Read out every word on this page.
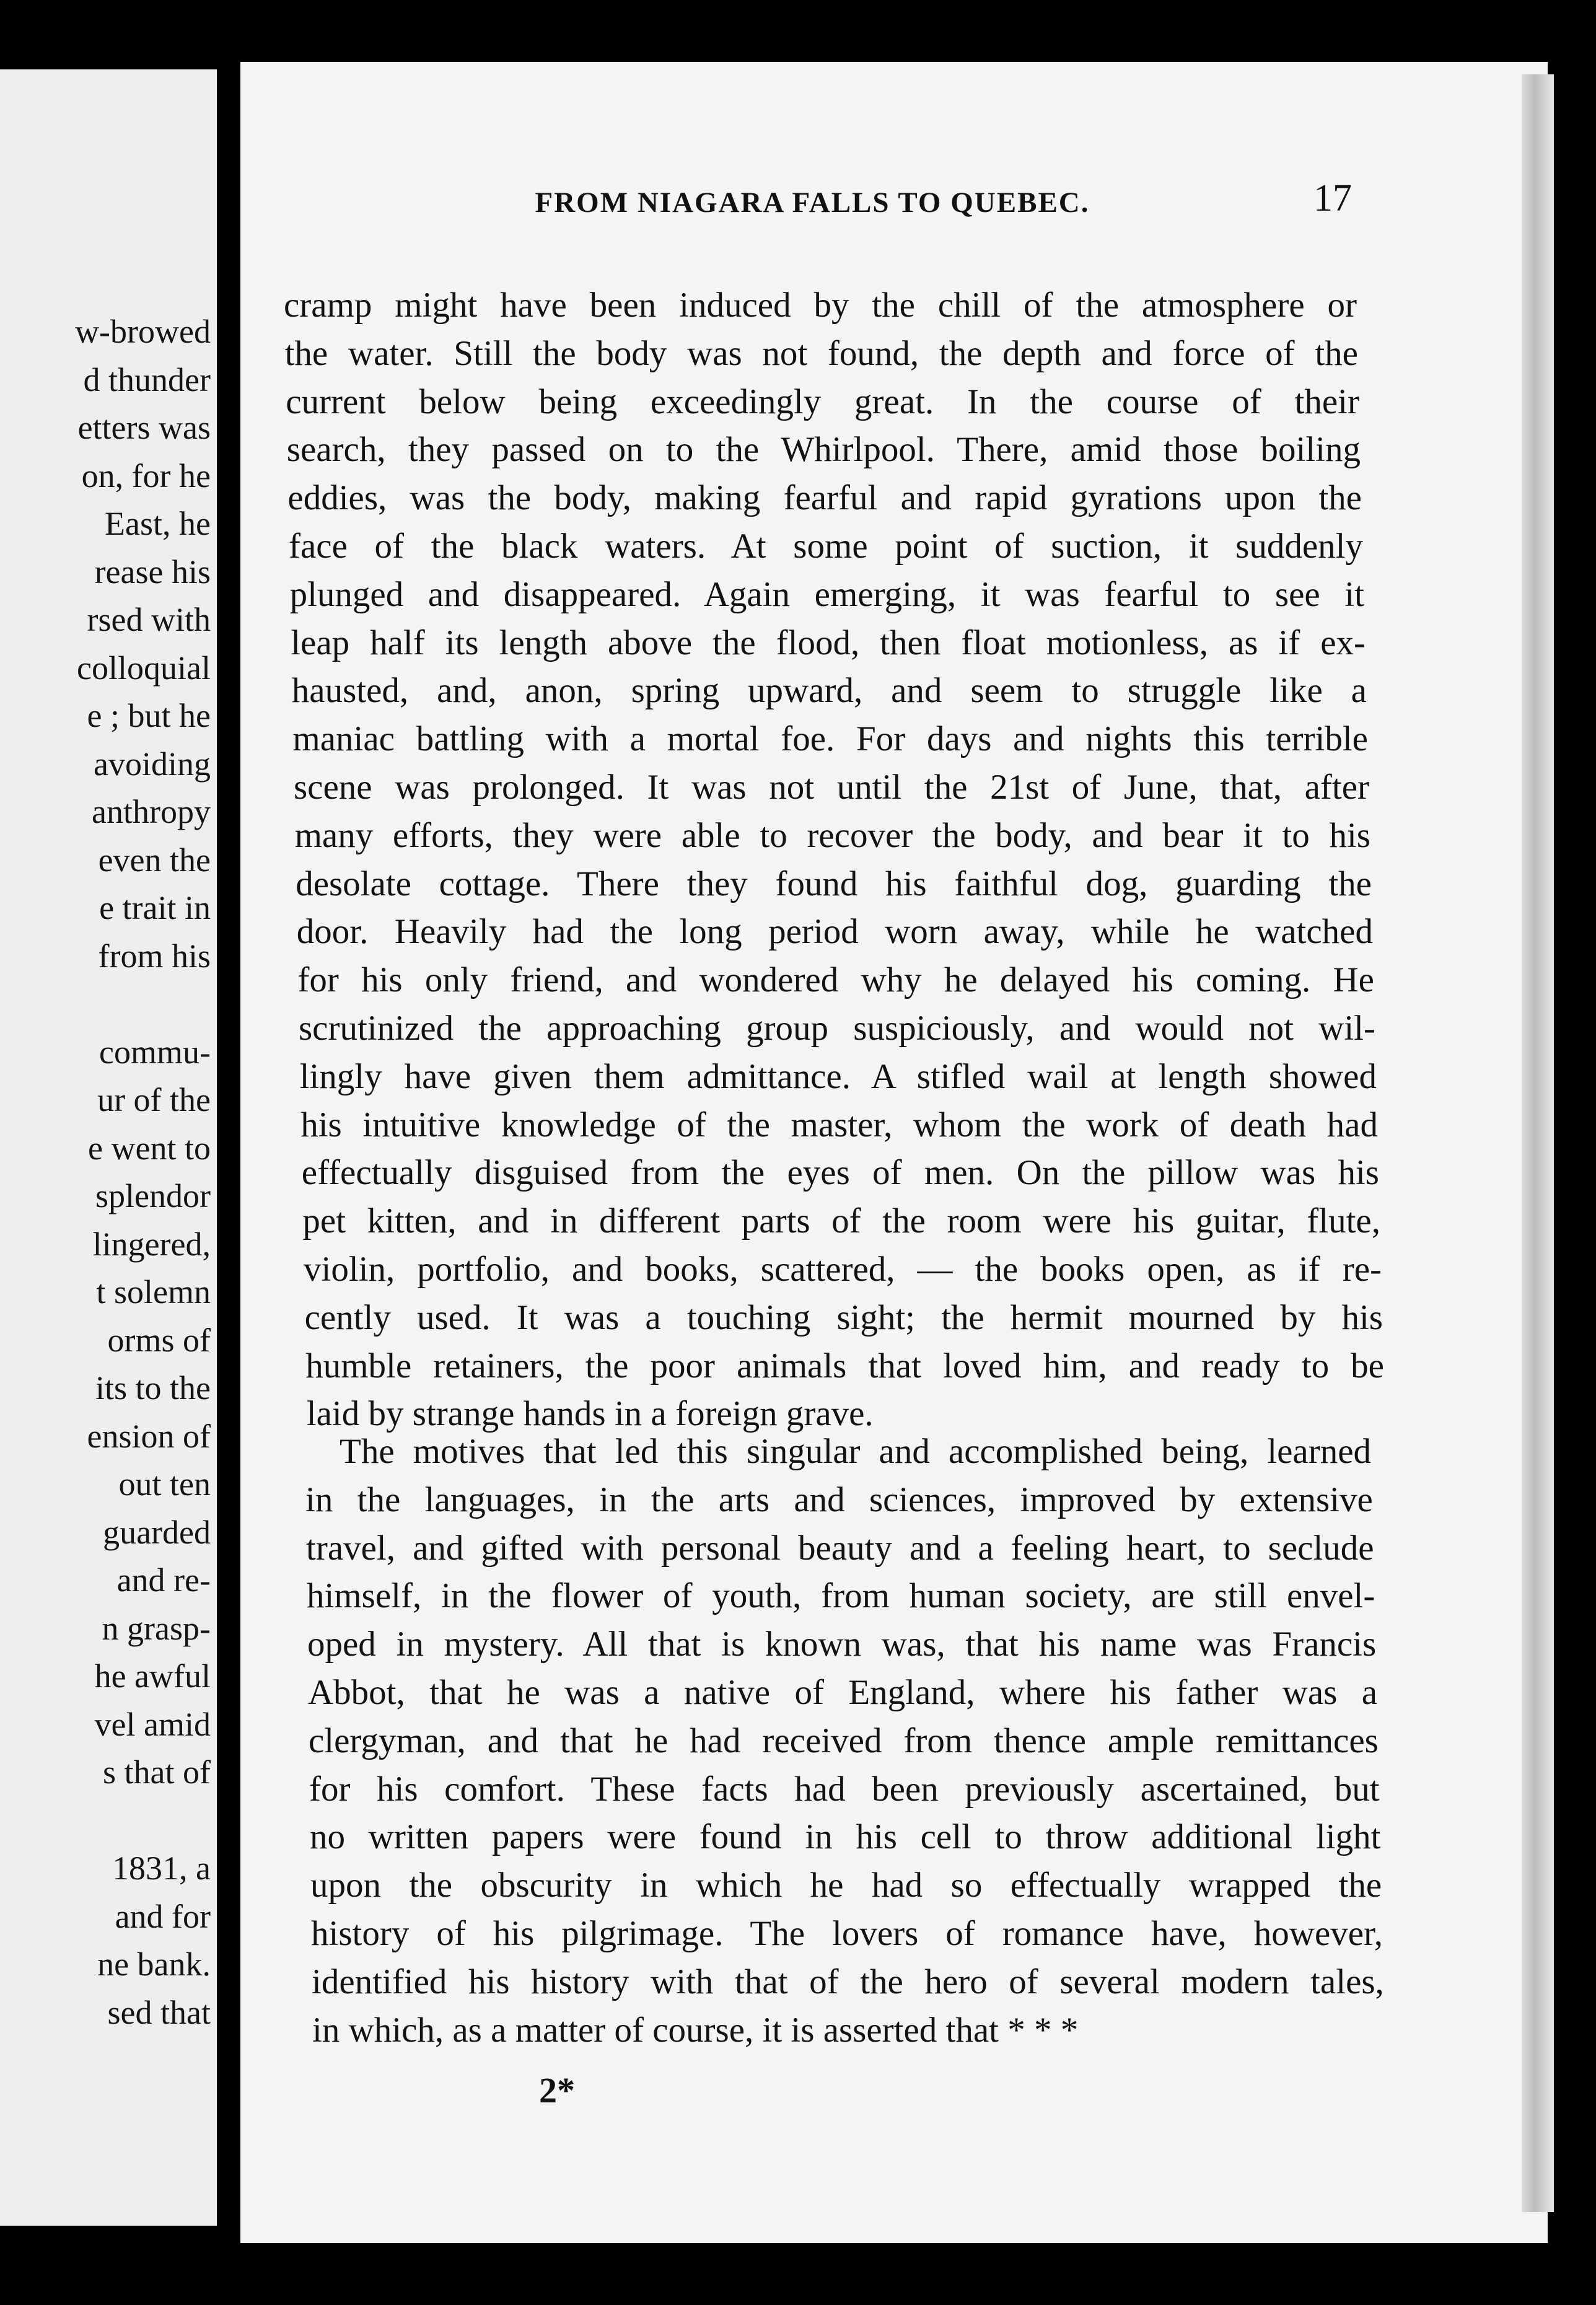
w-browed
d thunder
etters was
on, for he
East, he
rease his
rsed with
colloquial
e ; but he
avoiding
anthropy
even the
e trait in
from his
commu-
ur of the
e went to
splendor
lingered,
t solemn
orms of
its to the
ension of
out ten
guarded
and re-
n grasp-
he awful
vel amid
s that of
1831, a
and for
ne bank.
sed that
FROM NIAGARA FALLS TO QUEBEC.	17
cramp might have been induced by the chill of the atmosphere or
the water. Still the body was not found, the depth and force of the
current below being exceedingly great. In the course of their
search, they passed on to the Whirlpool. There, amid those boiling
eddies, was the body, making fearful and rapid gyrations upon the
face of the black waters. At some point of suction, it suddenly
plunged and disappeared. Again emerging, it was fearful to see it
leap half its length above the flood, then float motionless, as if ex-
hausted, and, anon, spring upward, and seem to struggle like a
maniac battling with a mortal foe. For days and nights this terrible
scene was prolonged. It was not until the 21st of June, that, after
many efforts, they were able to recover the body, and bear it to his
desolate cottage. There they found his faithful dog, guarding the
door. Heavily had the long period worn away, while he watched
for his only friend, and wondered why he delayed his coming. He
scrutinized the approaching group suspiciously, and would not wil-
lingly have given them admittance. A stifled wail at length showed
his intuitive knowledge of the master, whom the work of death had
effectually disguised from the eyes of men. On the pillow was his
pet kitten, and in different parts of the room were his guitar, flute,
violin, portfolio, and books, scattered, — the books open, as if re-
cently used. It was a touching sight; the hermit mourned by his
humble retainers, the poor animals that loved him, and ready to be
laid by strange hands in a foreign grave.
The motives that led this singular and accomplished being, learned
in the languages, in the arts and sciences, improved by extensive
travel, and gifted with personal beauty and a feeling heart, to seclude
himself, in the flower of youth, from human society, are still envel-
oped in mystery. All that is known was, that his name was Francis
Abbot, that he was a native of England, where his father was a
clergyman, and that he had received from thence ample remittances
for his comfort. These facts had been previously ascertained, but
no written papers were found in his cell to throw additional light
upon the obscurity in which he had so effectually wrapped the
history of his pilgrimage. The lovers of romance have, however,
identified his history with that of the hero of several modern tales,
in which, as a matter of course, it is asserted that * * *
2*
